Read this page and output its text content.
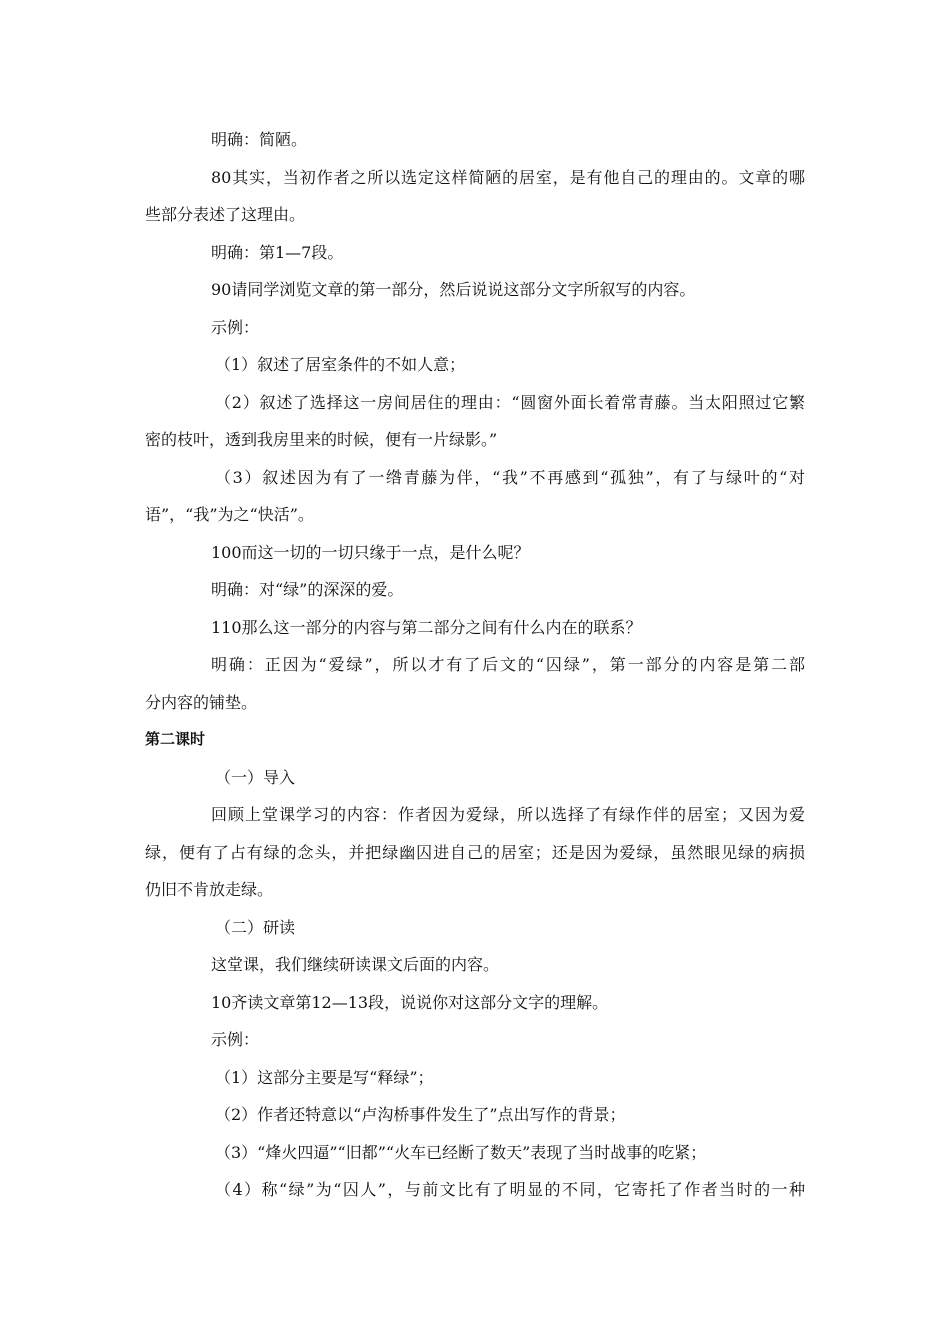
明确：简陋。
80其实，当初作者之所以选定这样简陋的居室，是有他自己的理由的。文章的哪
些部分表述了这理由。
明确：第1—7段。
90请同学浏览文章的第一部分，然后说说这部分文字所叙写的内容。
示例：
（1）叙述了居室条件的不如人意；
（2）叙述了选择这一房间居住的理由：“圆窗外面长着常青藤。当太阳照过它繁
密的枝叶，透到我房里来的时候，便有一片绿影。”
（3）叙述因为有了一绺青藤为伴，“我”不再感到“孤独”，有了与绿叶的“对
语”，“我”为之“快活”。
100而这一切的一切只缘于一点，是什么呢？
明确：对“绿”的深深的爱。
110那么这一部分的内容与第二部分之间有什么内在的联系？
明确：正因为“爱绿”，所以才有了后文的“囚绿”，第一部分的内容是第二部
分内容的铺垫。
第二课时
（一）导入
回顾上堂课学习的内容：作者因为爱绿，所以选择了有绿作伴的居室；又因为爱
绿，便有了占有绿的念头，并把绿幽囚进自己的居室；还是因为爱绿，虽然眼见绿的病损
仍旧不肯放走绿。
（二）研读
这堂课，我们继续研读课文后面的内容。
10齐读文章第12—13段，说说你对这部分文字的理解。
示例：
（1）这部分主要是写“释绿”；
（2）作者还特意以“卢沟桥事件发生了”点出写作的背景；
（3）“烽火四逼”“旧都”“火车已经断了数天”表现了当时战事的吃紧；
（4）称“绿”为“囚人”，与前文比有了明显的不同，它寄托了作者当时的一种
